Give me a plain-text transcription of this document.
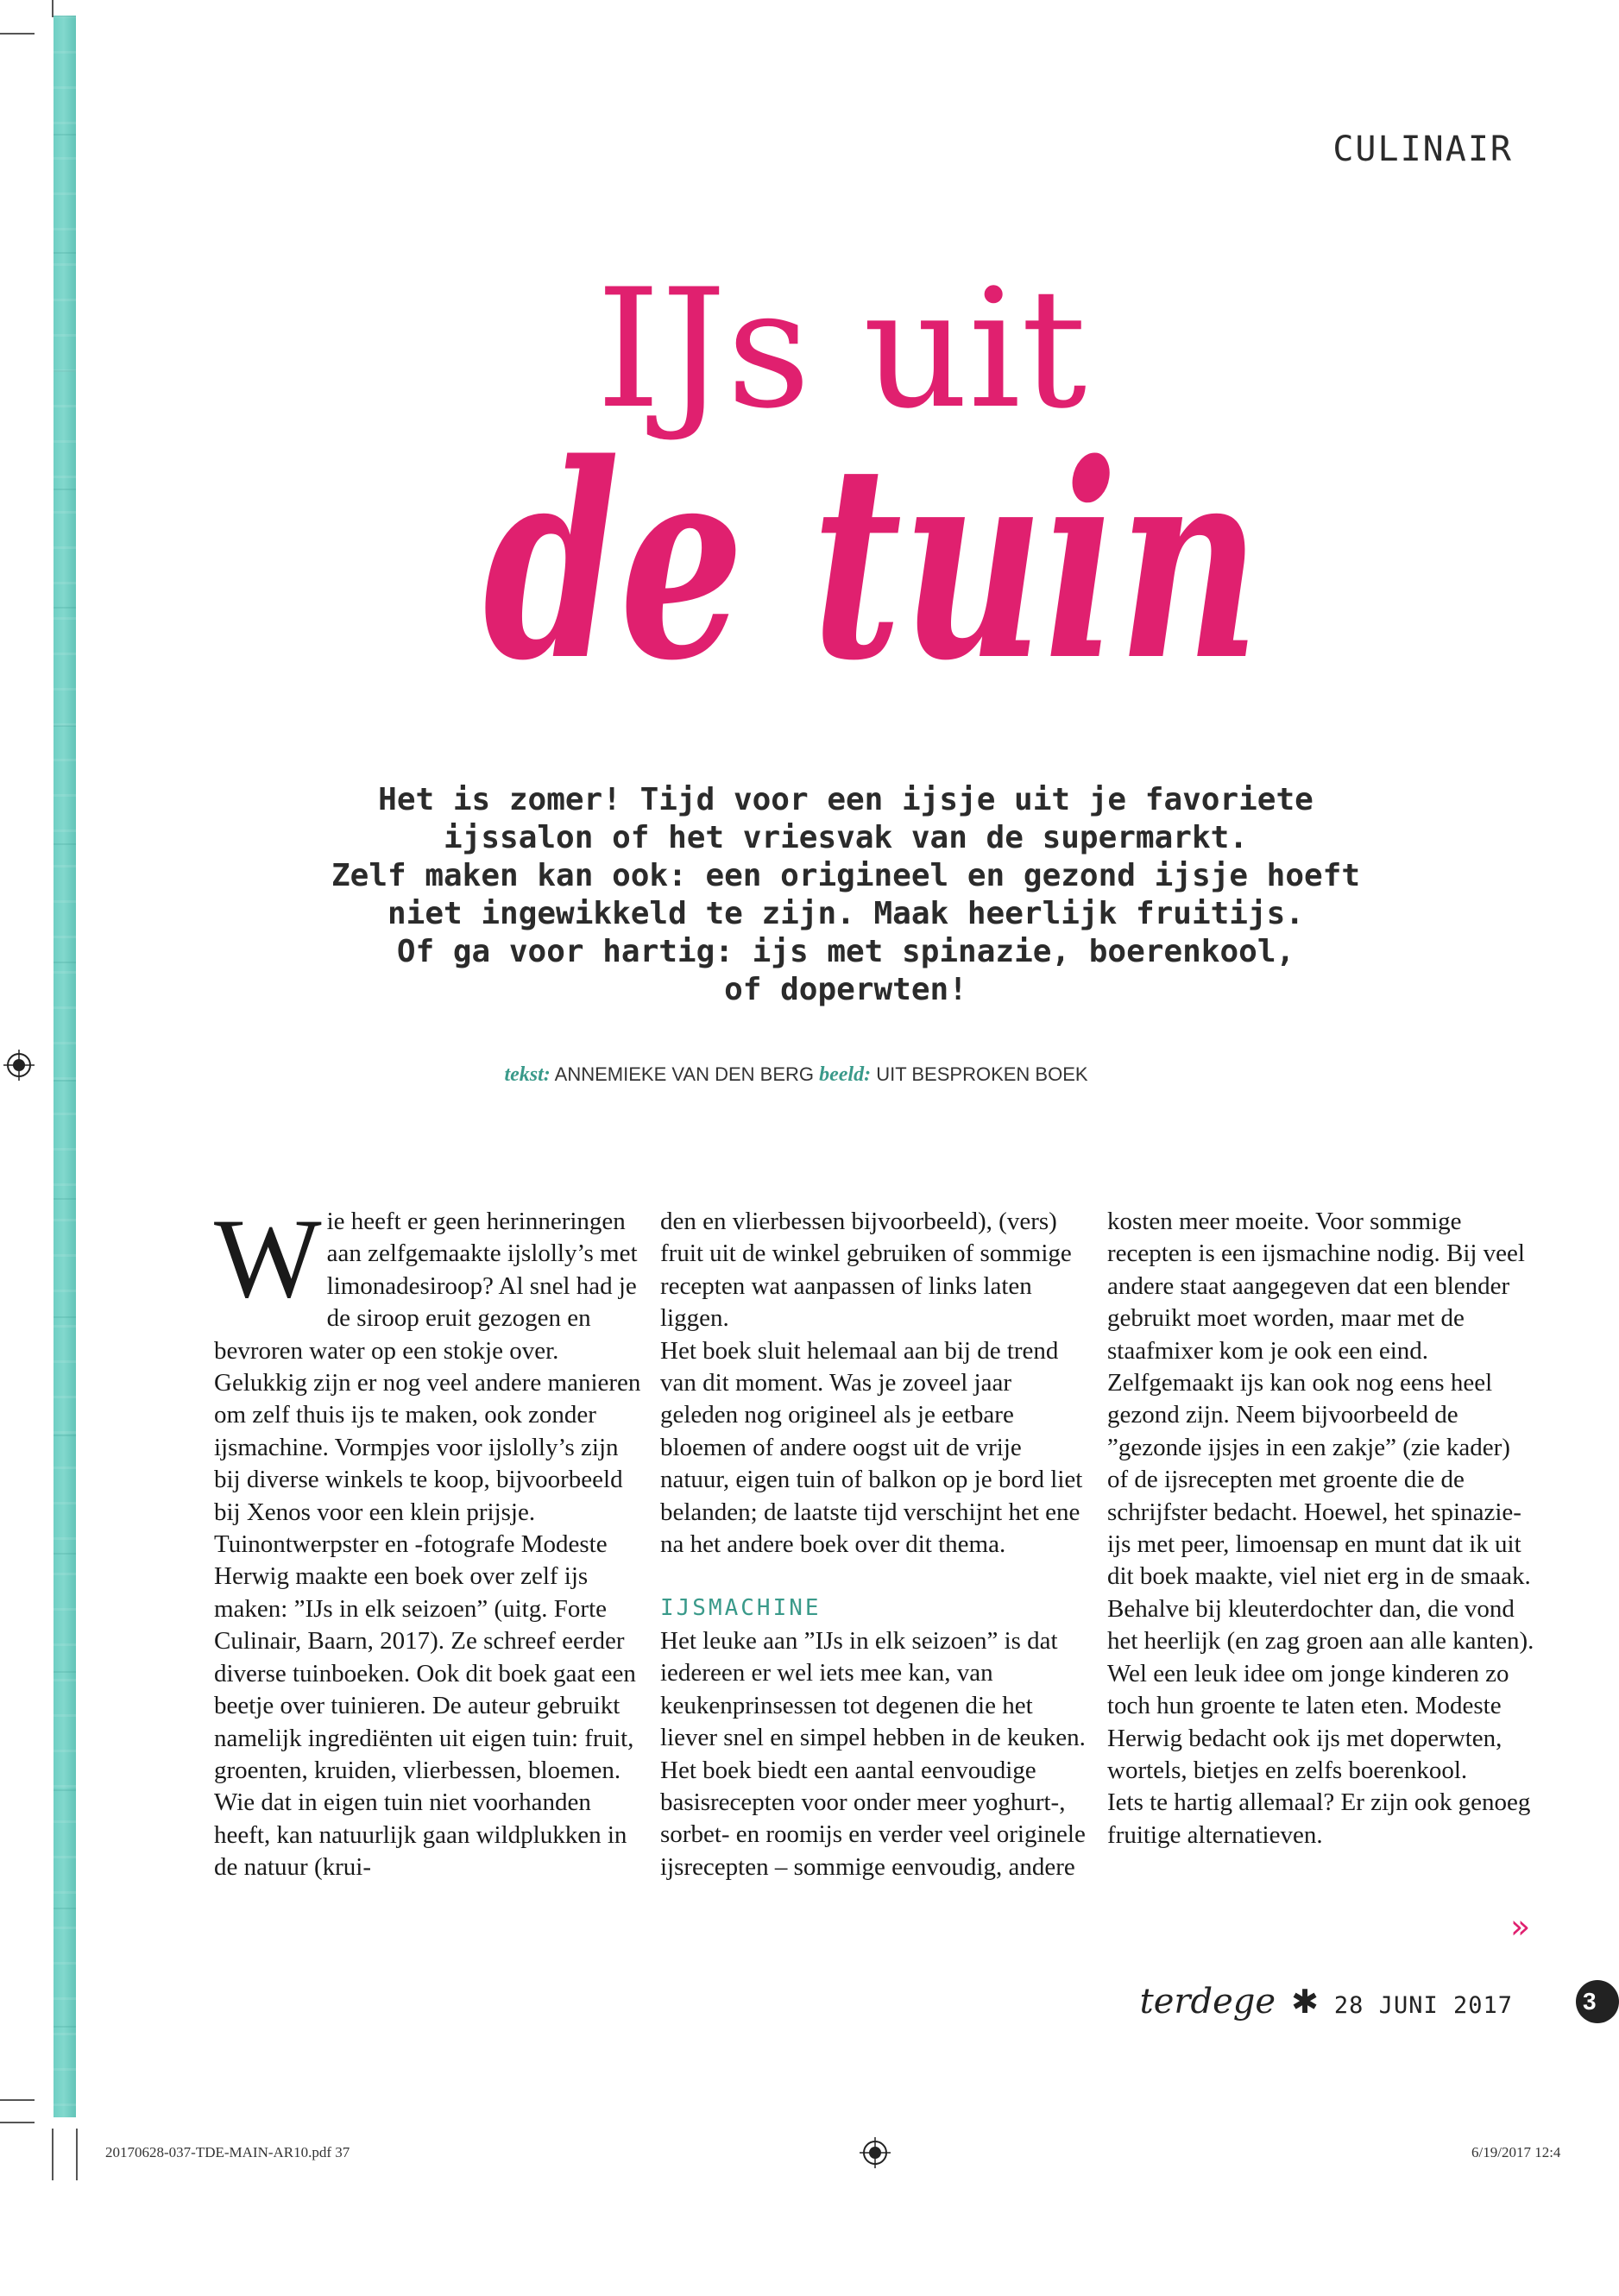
CULINAIR
IJs uit
de tuin
Het is zomer! Tijd voor een ijsje uit je favoriete
ijssalon of het vriesvak van de supermarkt.
Zelf maken kan ook: een origineel en gezond ijsje hoeft
niet ingewikkeld te zijn. Maak heerlijk fruitijs.
Of ga voor hartig: ijs met spinazie, boerenkool,
of doperwten!
tekst: ANNEMIEKE VAN DEN BERG beeld: UIT BESPROKEN BOEK
W ie heeft er geen herinneringen aan zelfgemaakte ijslolly’s met limonadesiroop? Al snel had je de siroop eruit gezogen en bevroren water op een stokje over. Gelukkig zijn er nog veel andere manieren om zelf thuis ijs te maken, ook zonder ijsmachine. Vormpjes voor ijslolly’s zijn bij diverse winkels te koop, bijvoorbeeld bij Xenos voor een klein prijsje. Tuinontwerpster en -fotografe Modeste Herwig maakte een boek over zelf ijs maken: ”IJs in elk seizoen” (uitg. Forte Culinair, Baarn, 2017). Ze schreef eerder diverse tuinboeken. Ook dit boek gaat een beetje over tuinieren. De auteur gebruikt namelijk ingrediënten uit eigen tuin: fruit, groenten, kruiden, vlierbessen, bloemen. Wie dat in eigen tuin niet voorhanden heeft, kan natuurlijk gaan wildplukken in de natuur (krui-

den en vlierbessen bijvoorbeeld), (vers) fruit uit de winkel gebruiken of sommige recepten wat aanpassen of links laten liggen.

Het boek sluit helemaal aan bij de trend van dit moment. Was je zoveel jaar geleden nog origineel als je eetbare bloemen of andere oogst uit de vrije natuur, eigen tuin of balkon op je bord liet belanden; de laatste tijd verschijnt het ene na het andere boek over dit thema.

IJSMACHINE

Het leuke aan ”IJs in elk seizoen” is dat iedereen er wel iets mee kan, van keukenprinsessen tot degenen die het liever snel en simpel hebben in de keuken. Het boek biedt een aantal eenvoudige basisrecepten voor onder meer yoghurt-, sorbet- en roomijs en verder veel originele ijsrecepten – sommige eenvoudig, andere

kosten meer moeite. Voor sommige recepten is een ijsmachine nodig. Bij veel andere staat aangegeven dat een blender gebruikt moet worden, maar met de staafmixer kom je ook een eind.

Zelfgemaakt ijs kan ook nog eens heel gezond zijn. Neem bijvoorbeeld de ”gezonde ijsjes in een zakje” (zie kader) of de ijsrecepten met groente die de schrijfster bedacht. Hoewel, het spinazie-ijs met peer, limoensap en munt dat ik uit dit boek maakte, viel niet erg in de smaak. Behalve bij kleuterdochter dan, die vond het heerlijk (en zag groen aan alle kanten). Wel een leuk idee om jonge kinderen zo toch hun groente te laten eten. Modeste Herwig bedacht ook ijs met doperwten, wortels, bietjes en zelfs boerenkool.

Iets te hartig allemaal? Er zijn ook genoeg fruitige alternatieven.

»
terdege ✱ 28 JUNI 2017	3
20170628-037-TDE-MAIN-AR10.pdf 37	6/19/2017 12:4
